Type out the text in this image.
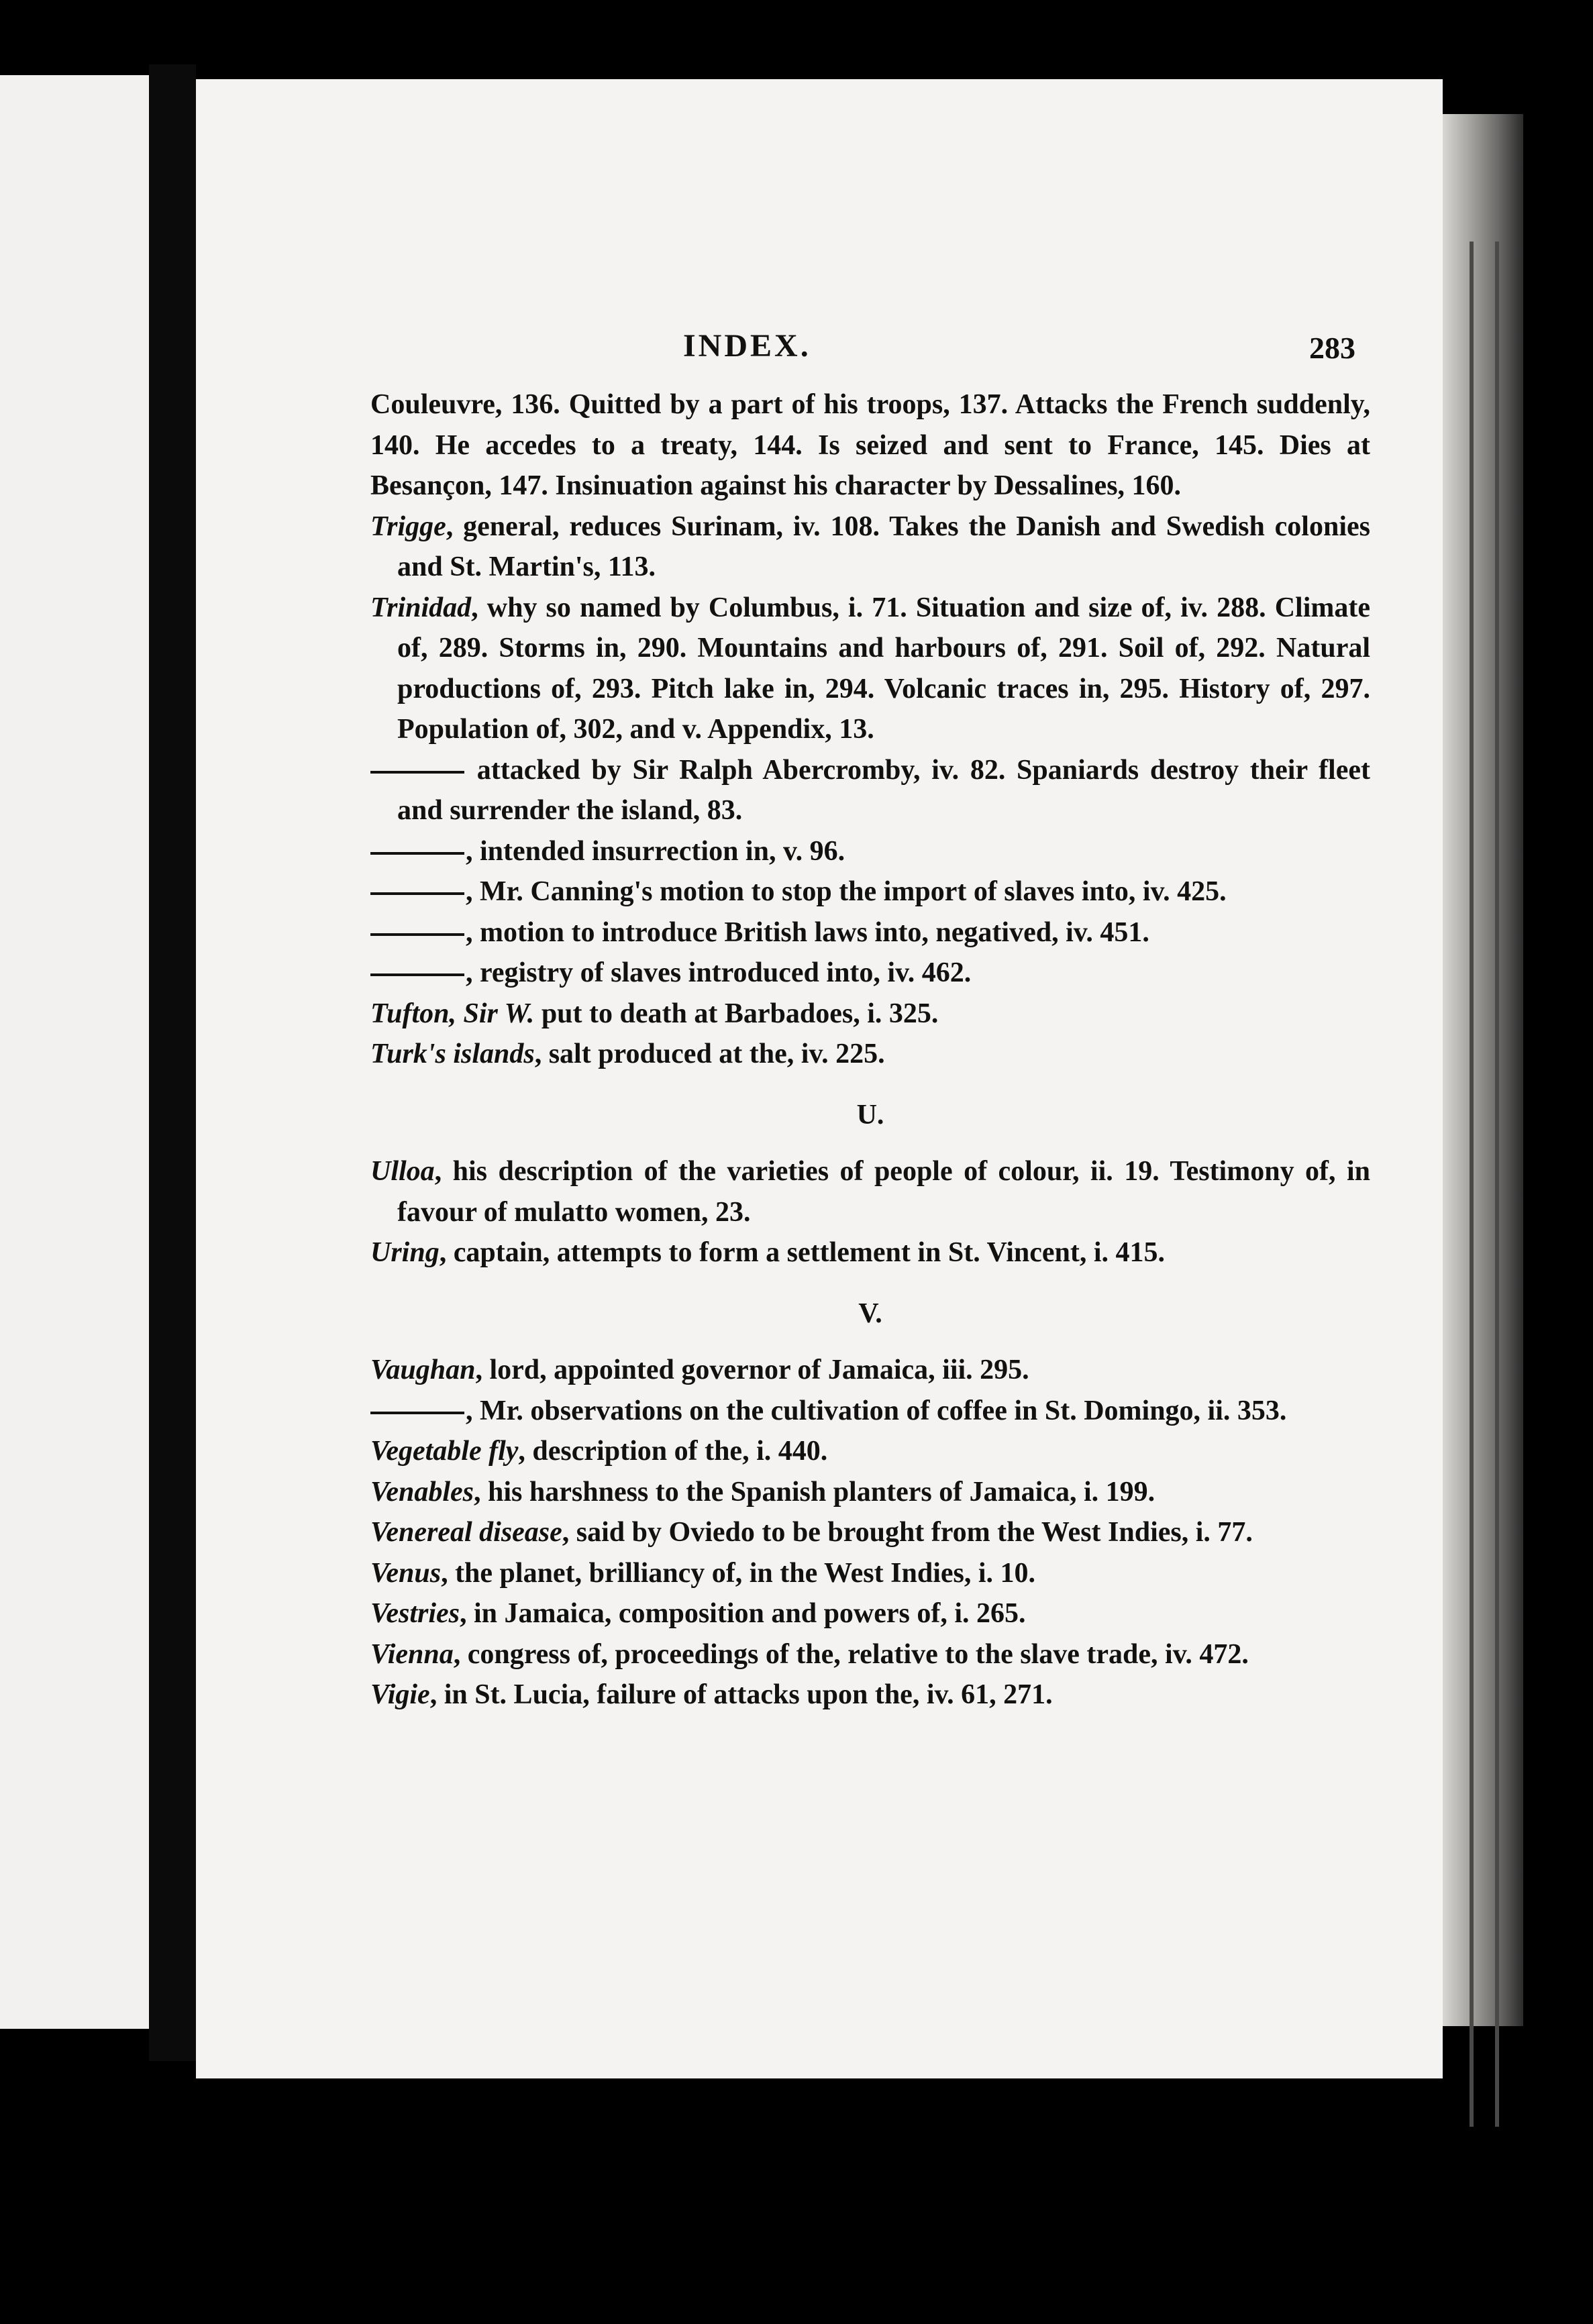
INDEX.	283

Couleuvre, 136. Quitted by a part of his troops, 137. Attacks the French suddenly, 140. He accedes to a treaty, 144. Is seized and sent to France, 145. Dies at Besançon, 147. Insinuation against his character by Dessalines, 160.

Trigge, general, reduces Surinam, iv. 108. Takes the Danish and Swedish colonies and St. Martin's, 113.

Trinidad, why so named by Columbus, i. 71. Situation and size of, iv. 288. Climate of, 289. Storms in, 290. Mountains and harbours of, 291. Soil of, 292. Natural productions of, 293. Pitch lake in, 294. Volcanic traces in, 295. History of, 297. Population of, 302, and v. Appendix, 13.

attacked by Sir Ralph Abercromby, iv. 82. Spaniards destroy their fleet and surrender the island, 83.

, intended insurrection in, v. 96.

, Mr. Canning's motion to stop the import of slaves into, iv. 425.

, motion to introduce British laws into, negatived, iv. 451.

, registry of slaves introduced into, iv. 462.

Tufton, Sir W. put to death at Barbadoes, i. 325.

Turk's islands, salt produced at the, iv. 225.

U.

Ulloa, his description of the varieties of people of colour, ii. 19. Testimony of, in favour of mulatto women, 23.

Uring, captain, attempts to form a settlement in St. Vincent, i. 415.

V.

Vaughan, lord, appointed governor of Jamaica, iii. 295.

, Mr. observations on the cultivation of coffee in St. Domingo, ii. 353.

Vegetable fly, description of the, i. 440.

Venables, his harshness to the Spanish planters of Jamaica, i. 199.

Venereal disease, said by Oviedo to be brought from the West Indies, i. 77.

Venus, the planet, brilliancy of, in the West Indies, i. 10.

Vestries, in Jamaica, composition and powers of, i. 265.

Vienna, congress of, proceedings of the, relative to the slave trade, iv. 472.

Vigie, in St. Lucia, failure of attacks upon the, iv. 61, 271.
